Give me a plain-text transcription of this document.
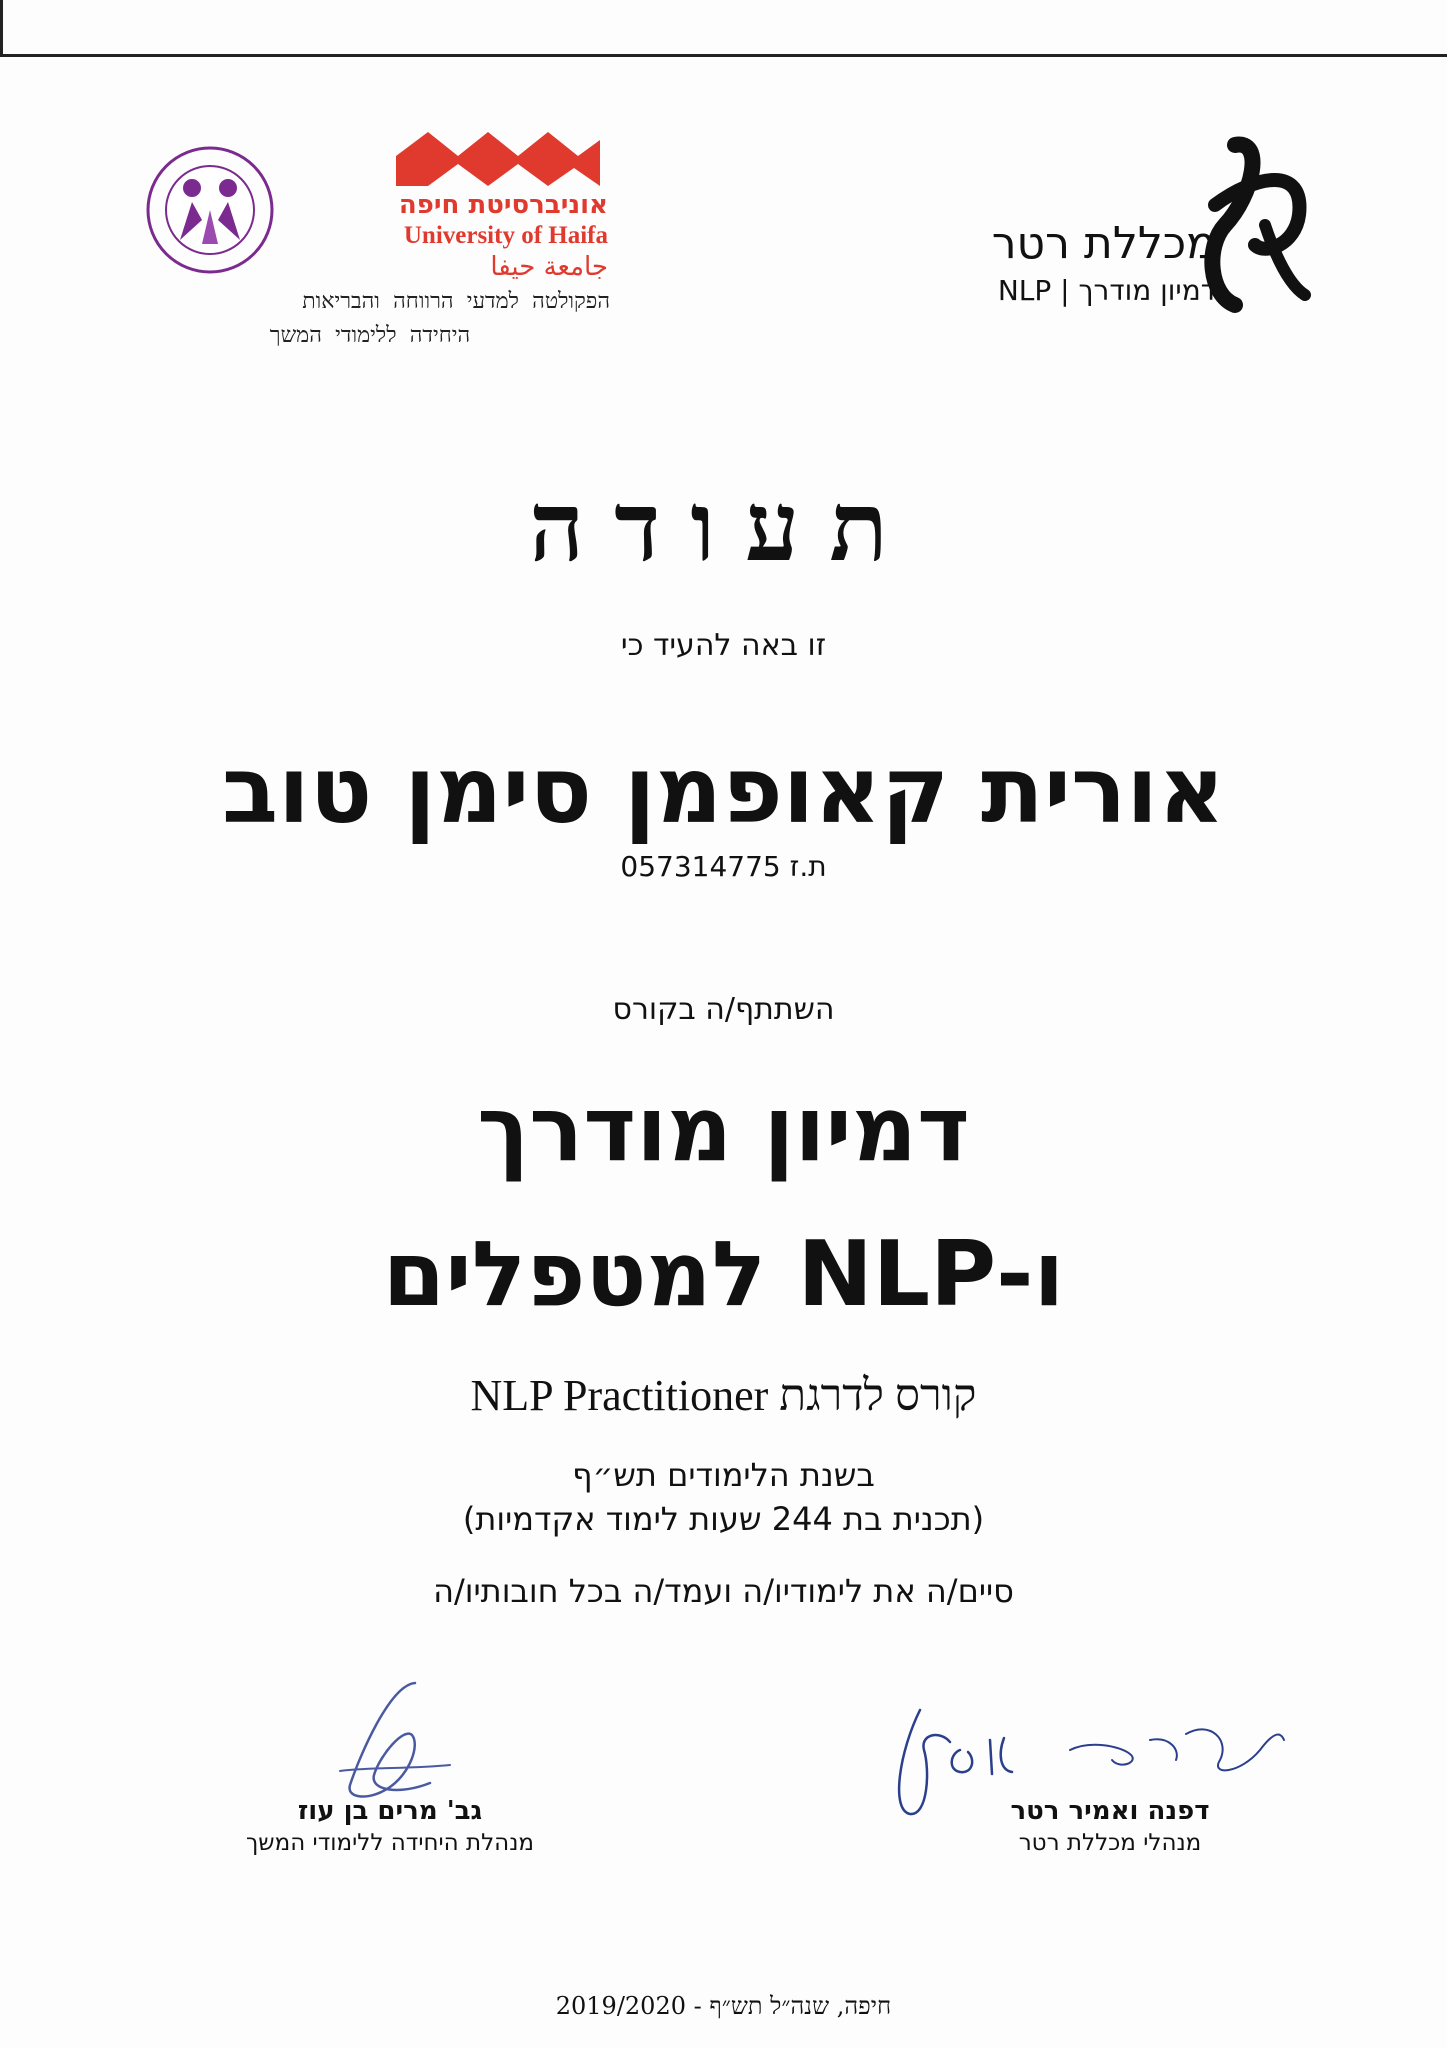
אוניברסיטת חיפה
University of Haifa
جامعة حيفا
הפקולטה למדעי הרווחה והבריאות
היחידה ללימודי המשך
מכללת רטר
NLP | דמיון מודרך
תעודה
זו באה להעיד כי
אורית קאופמן סימן טוב
ת.ז 057314775
השתתף/ה בקורס
דמיון מודרך
ו-NLP למטפלים
קורס לדרגת NLP Practitioner
בשנת הלימודים תש״ף
(תכנית בת 244 שעות לימוד אקדמיות)
סיים/ה את לימודיו/ה ועמד/ה בכל חובותיו/ה
גב' מרים בן עוז
מנהלת היחידה ללימודי המשך
דפנה ואמיר רטר
מנהלי מכללת רטר
חיפה, שנה״ל תש״ף - 2019/2020
